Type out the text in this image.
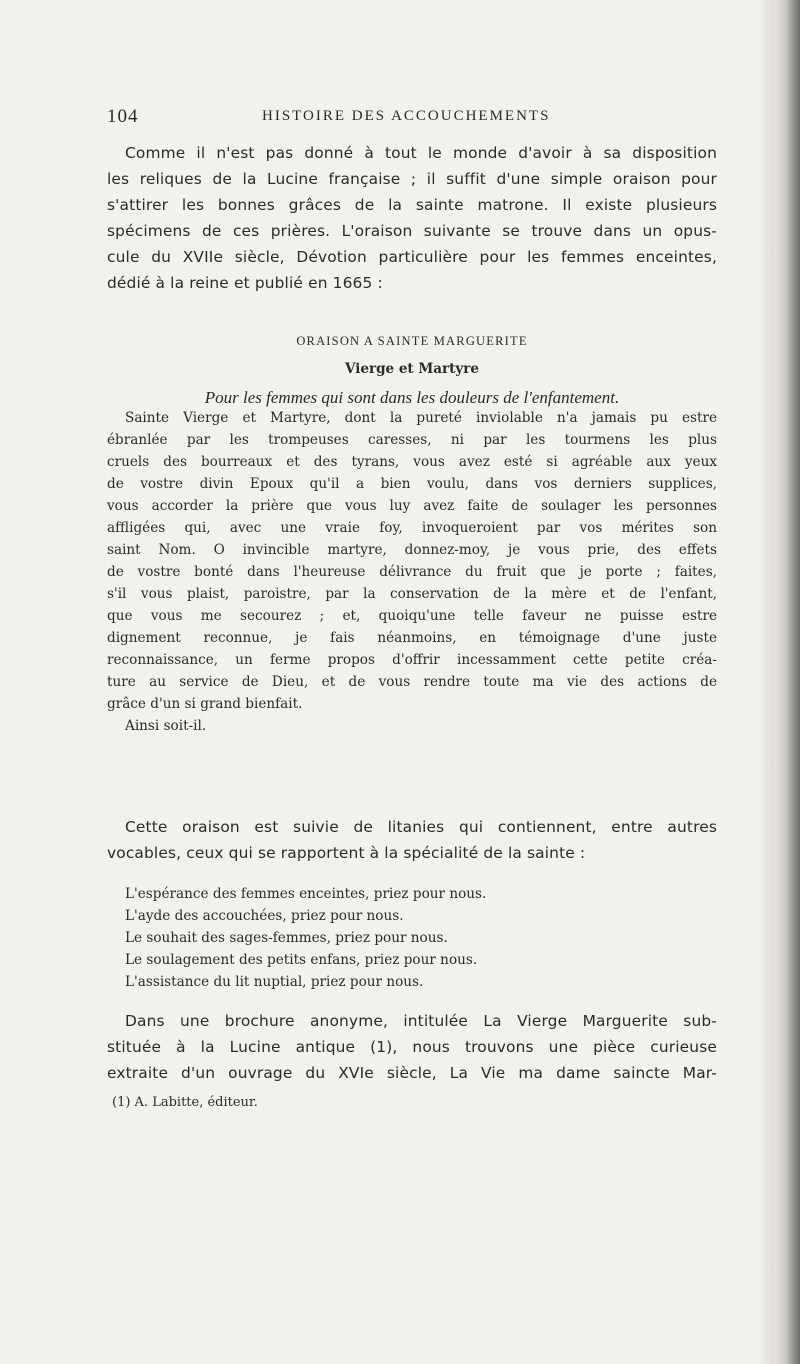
104	HISTOIRE DES ACCOUCHEMENTS
Comme il n'est pas donné à tout le monde d'avoir à sa disposition
les reliques de la Lucine française ; il suffit d'une simple oraison pour
s'attirer les bonnes grâces de la sainte matrone. Il existe plusieurs
spécimens de ces prières. L'oraison suivante se trouve dans un opus-
cule du XVIIe siècle, Dévotion particulière pour les femmes enceintes,
dédié à la reine et publié en 1665 :
ORAISON A SAINTE MARGUERITE
Vierge et Martyre
Pour les femmes qui sont dans les douleurs de l'enfantement.
Sainte Vierge et Martyre, dont la pureté inviolable n'a jamais pu estre
ébranlée par les trompeuses caresses, ni par les tourmens les plus
cruels des bourreaux et des tyrans, vous avez esté si agréable aux yeux
de vostre divin Epoux qu'il a bien voulu, dans vos derniers supplices,
vous accorder la prière que vous luy avez faite de soulager les personnes
affligées qui, avec une vraie foy, invoqueroient par vos mérites son
saint Nom. O invincible martyre, donnez-moy, je vous prie, des effets
de vostre bonté dans l'heureuse délivrance du fruit que je porte ; faites,
s'il vous plaist, paroistre, par la conservation de la mère et de l'enfant,
que vous me secourez ; et, quoiqu'une telle faveur ne puisse estre
dignement reconnue, je fais néanmoins, en témoignage d'une juste
reconnaissance, un ferme propos d'offrir incessamment cette petite créa-
ture au service de Dieu, et de vous rendre toute ma vie des actions de
grâce d'un si grand bienfait.
Ainsi soit-il.
Cette oraison est suivie de litanies qui contiennent, entre autres
vocables, ceux qui se rapportent à la spécialité de la sainte :
L'espérance des femmes enceintes, priez pour nous.
L'ayde des accouchées, priez pour nous.
Le souhait des sages-femmes, priez pour nous.
Le soulagement des petits enfans, priez pour nous.
L'assistance du lit nuptial, priez pour nous.
Dans une brochure anonyme, intitulée La Vierge Marguerite sub-
stituée à la Lucine antique (1), nous trouvons une pièce curieuse
extraite d'un ouvrage du XVIe siècle, La Vie ma dame saincte Mar-
(1) A. Labitte, éditeur.
